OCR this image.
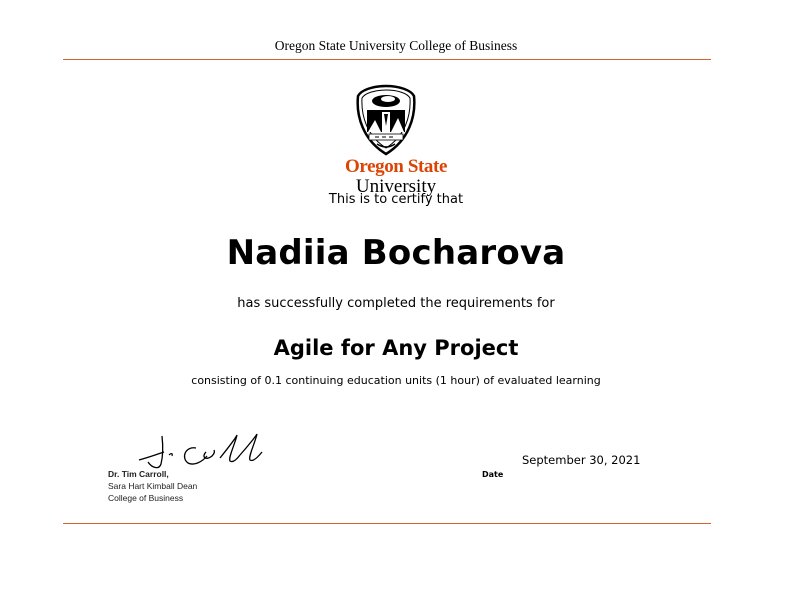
Oregon State University College of Business
Oregon State
University
This is to certify that
Nadiia Bocharova
has successfully completed the requirements for
Agile for Any Project
consisting of 0.1 continuing education units (1 hour) of evaluated learning
Dr. Tim Carroll,
Sara Hart Kimball Dean
College of Business
September 30, 2021
Date
